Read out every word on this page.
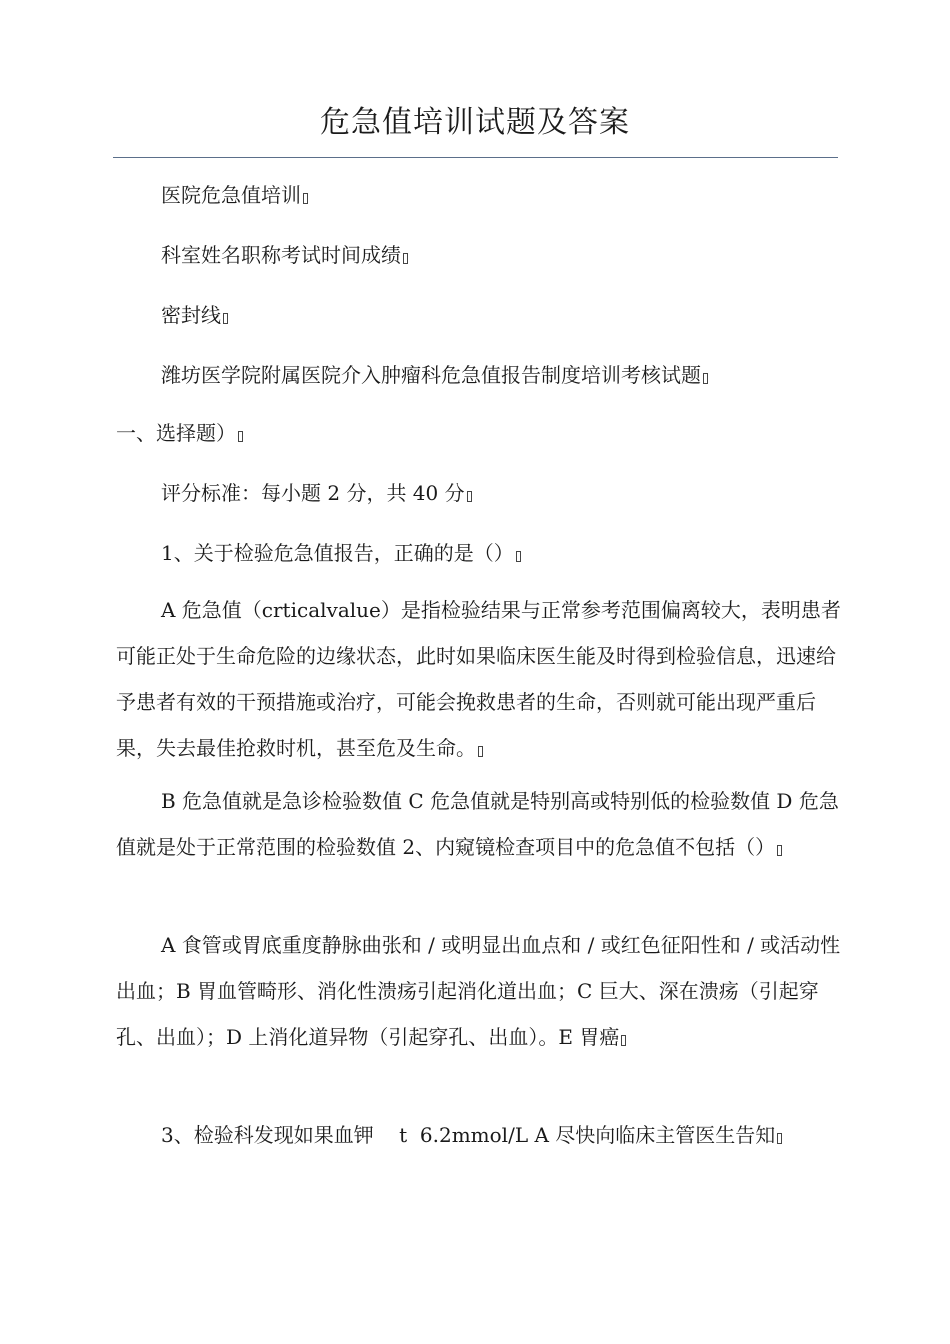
危急值培训试题及答案
医院危急值培训
科室姓名职称考试时间成绩
密封线
潍坊医学院附属医院介入肿瘤科危急值报告制度培训考核试题
一、选择题）
评分标准：每小题 2 分，共 40 分
1、关于检验危急值报告，正确的是（）
A 危急值（crticalvalue）是指检验结果与正常参考范围偏离较大，表明患者可能正处于生命危险的边缘状态，此时如果临床医生能及时得到检验信息，迅速给予患者有效的干预措施或治疗，可能会挽救患者的生命，否则就可能出现严重后果，失去最佳抢救时机，甚至危及生命。
B 危急值就是急诊检验数值 C 危急值就是特别高或特别低的检验数值 D 危急值就是处于正常范围的检验数值 2、内窥镜检查项目中的危急值不包括（）
A 食管或胃底重度静脉曲张和 / 或明显出血点和 / 或红色征阳性和 / 或活动性出血；B 胃血管畸形、消化性溃疡引起消化道出血；C 巨大、深在溃疡（引起穿孔、出血）；D 上消化道异物（引起穿孔、出血）。E 胃癌
3、检验科发现如果血钾    t  6.2mmol/L A 尽快向临床主管医生告知
